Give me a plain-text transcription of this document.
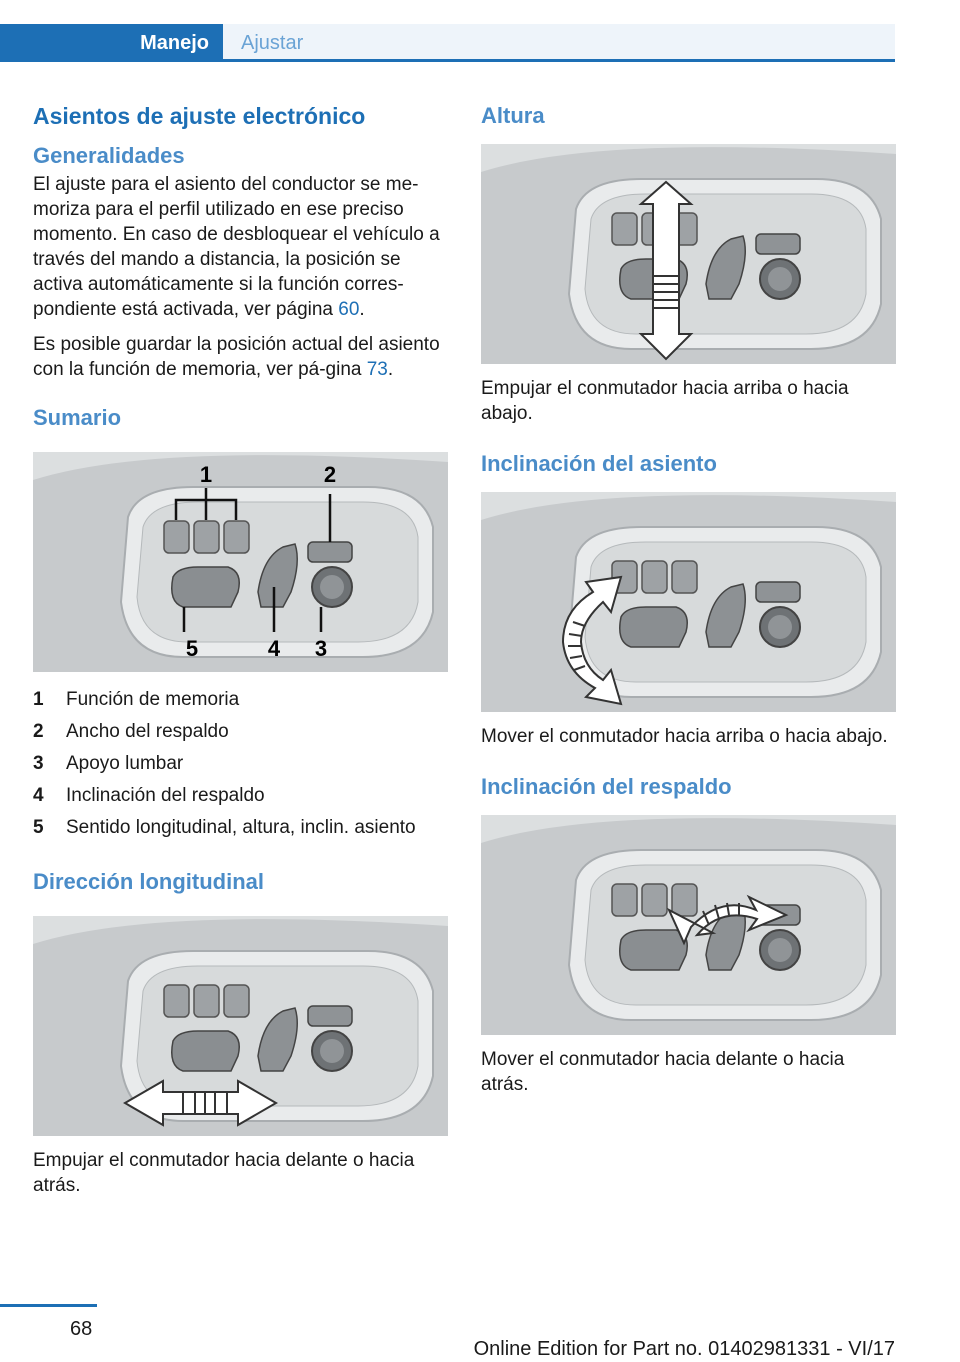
Manejo Ajustar
Asientos de ajuste electrónico
Generalidades

El ajuste para el asiento del conductor se me‐moriza para el perfil utilizado en ese preciso momento. En caso de desbloquear el vehículo a través del mando a distancia, la posición se activa automáticamente si la función corres‐pondiente está activada, ver página 60.

Es posible guardar la posición actual del asiento con la función de memoria, ver pá‐gina 73.

Sumario
1	2
3
4
5
1	Función de memoria
2	Ancho del respaldo
3	Apoyo lumbar
4	Inclinación del respaldo
5	Sentido longitudinal, altura, inclin. asiento
Dirección longitudinal

Empujar el conmutador hacia delante o hacia atrás.

Altura

Empujar el conmutador hacia arriba o hacia abajo.

Inclinación del asiento

Mover el conmutador hacia arriba o hacia abajo.

Inclinación del respaldo

Mover el conmutador hacia delante o hacia atrás.

68
Online Edition for Part no. 01402981331 - VI/17
